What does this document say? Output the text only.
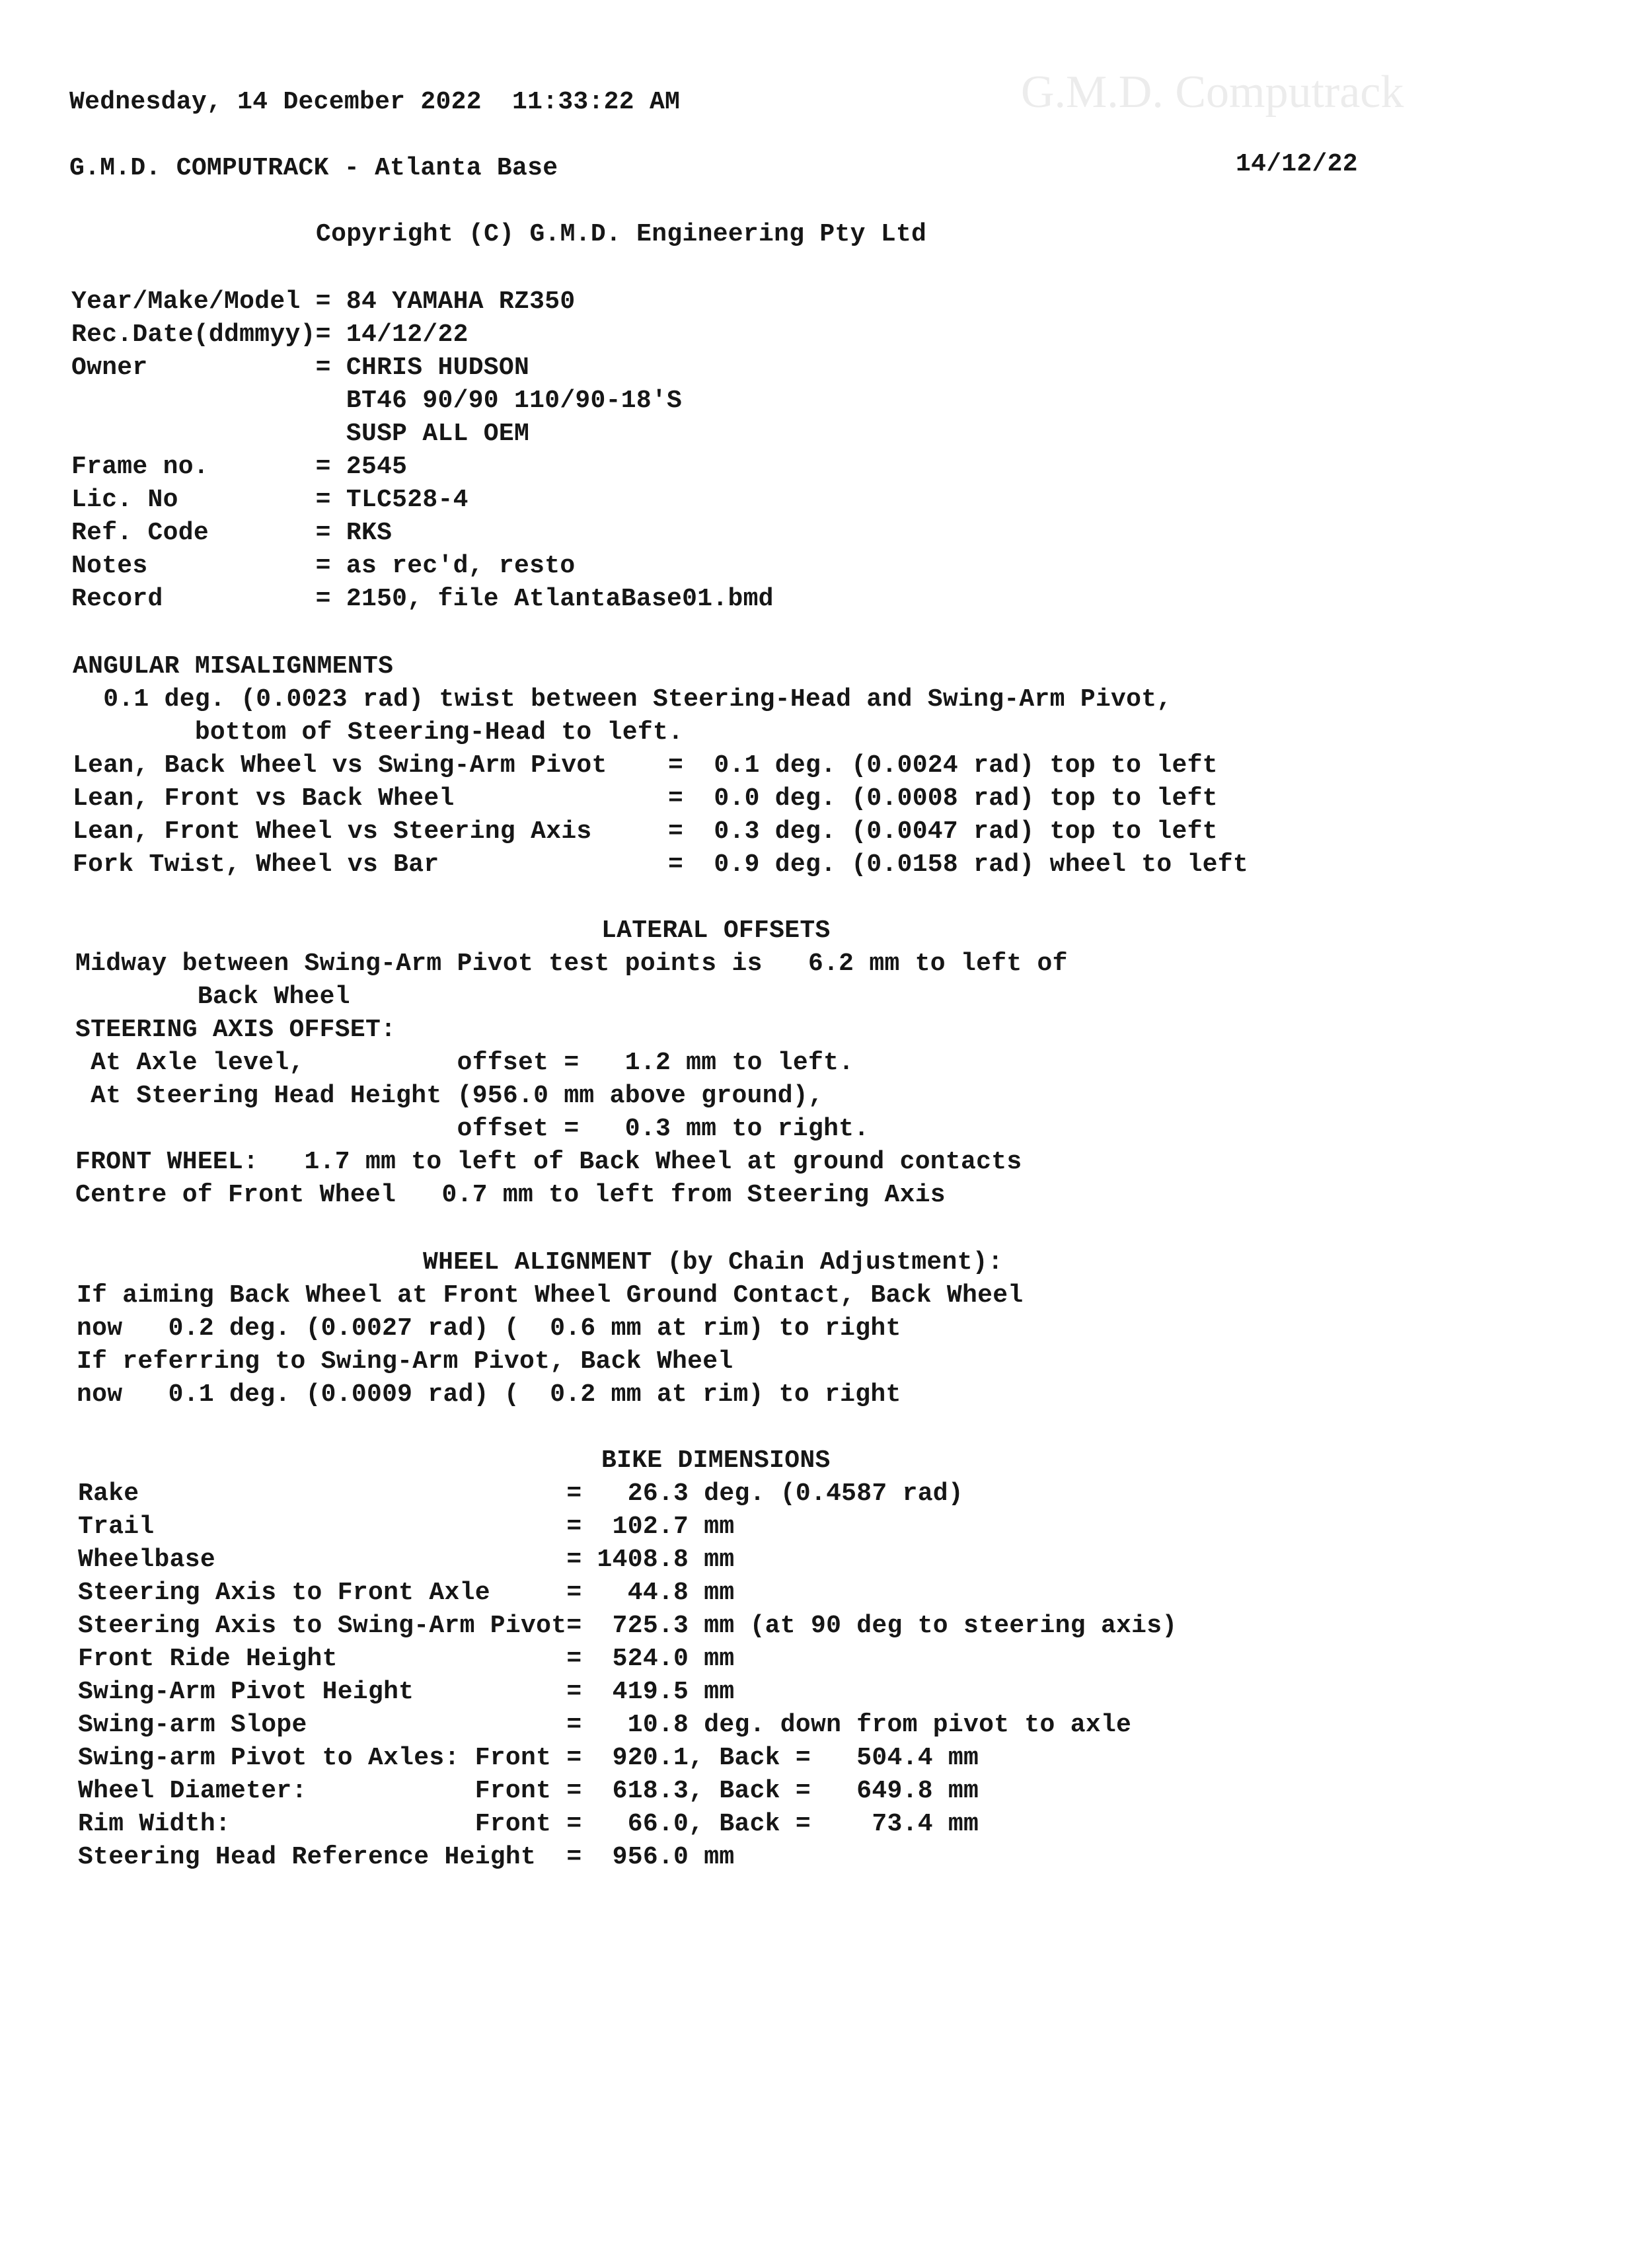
G.M.D. Computrack
Wednesday, 14 December 2022  11:33:22 AM
G.M.D. COMPUTRACK - Atlanta Base	14/12/22
Copyright (C) G.M.D. Engineering Pty Ltd
Year/Make/Model = 84 YAMAHA RZ350
Rec.Date(ddmmyy)= 14/12/22
Owner           = CHRIS HUDSON
BT46 90/90 110/90-18'S
SUSP ALL OEM
Frame no.       = 2545
Lic. No         = TLC528-4
Ref. Code       = RKS
Notes           = as rec'd, resto
Record          = 2150, file AtlantaBase01.bmd
ANGULAR MISALIGNMENTS
0.1 deg. (0.0023 rad) twist between Steering-Head and Swing-Arm Pivot,
bottom of Steering-Head to left.
Lean, Back Wheel vs Swing-Arm Pivot    =  0.1 deg. (0.0024 rad) top to left
Lean, Front vs Back Wheel              =  0.0 deg. (0.0008 rad) top to left
Lean, Front Wheel vs Steering Axis     =  0.3 deg. (0.0047 rad) top to left
Fork Twist, Wheel vs Bar               =  0.9 deg. (0.0158 rad) wheel to left
LATERAL OFFSETS
Midway between Swing-Arm Pivot test points is   6.2 mm to left of
Back Wheel
STEERING AXIS OFFSET:
At Axle level,          offset =   1.2 mm to left.
At Steering Head Height (956.0 mm above ground),
offset =   0.3 mm to right.
FRONT WHEEL:   1.7 mm to left of Back Wheel at ground contacts
Centre of Front Wheel   0.7 mm to left from Steering Axis
WHEEL ALIGNMENT (by Chain Adjustment):
If aiming Back Wheel at Front Wheel Ground Contact, Back Wheel
now   0.2 deg. (0.0027 rad) (  0.6 mm at rim) to right
If referring to Swing-Arm Pivot, Back Wheel
now   0.1 deg. (0.0009 rad) (  0.2 mm at rim) to right
BIKE DIMENSIONS
Rake                            =   26.3 deg. (0.4587 rad)
Trail                           =  102.7 mm
Wheelbase                       = 1408.8 mm
Steering Axis to Front Axle     =   44.8 mm
Steering Axis to Swing-Arm Pivot=  725.3 mm (at 90 deg to steering axis)
Front Ride Height               =  524.0 mm
Swing-Arm Pivot Height          =  419.5 mm
Swing-arm Slope                 =   10.8 deg. down from pivot to axle
Swing-arm Pivot to Axles: Front =  920.1, Back =   504.4 mm
Wheel Diameter:           Front =  618.3, Back =   649.8 mm
Rim Width:                Front =   66.0, Back =    73.4 mm
Steering Head Reference Height  =  956.0 mm
